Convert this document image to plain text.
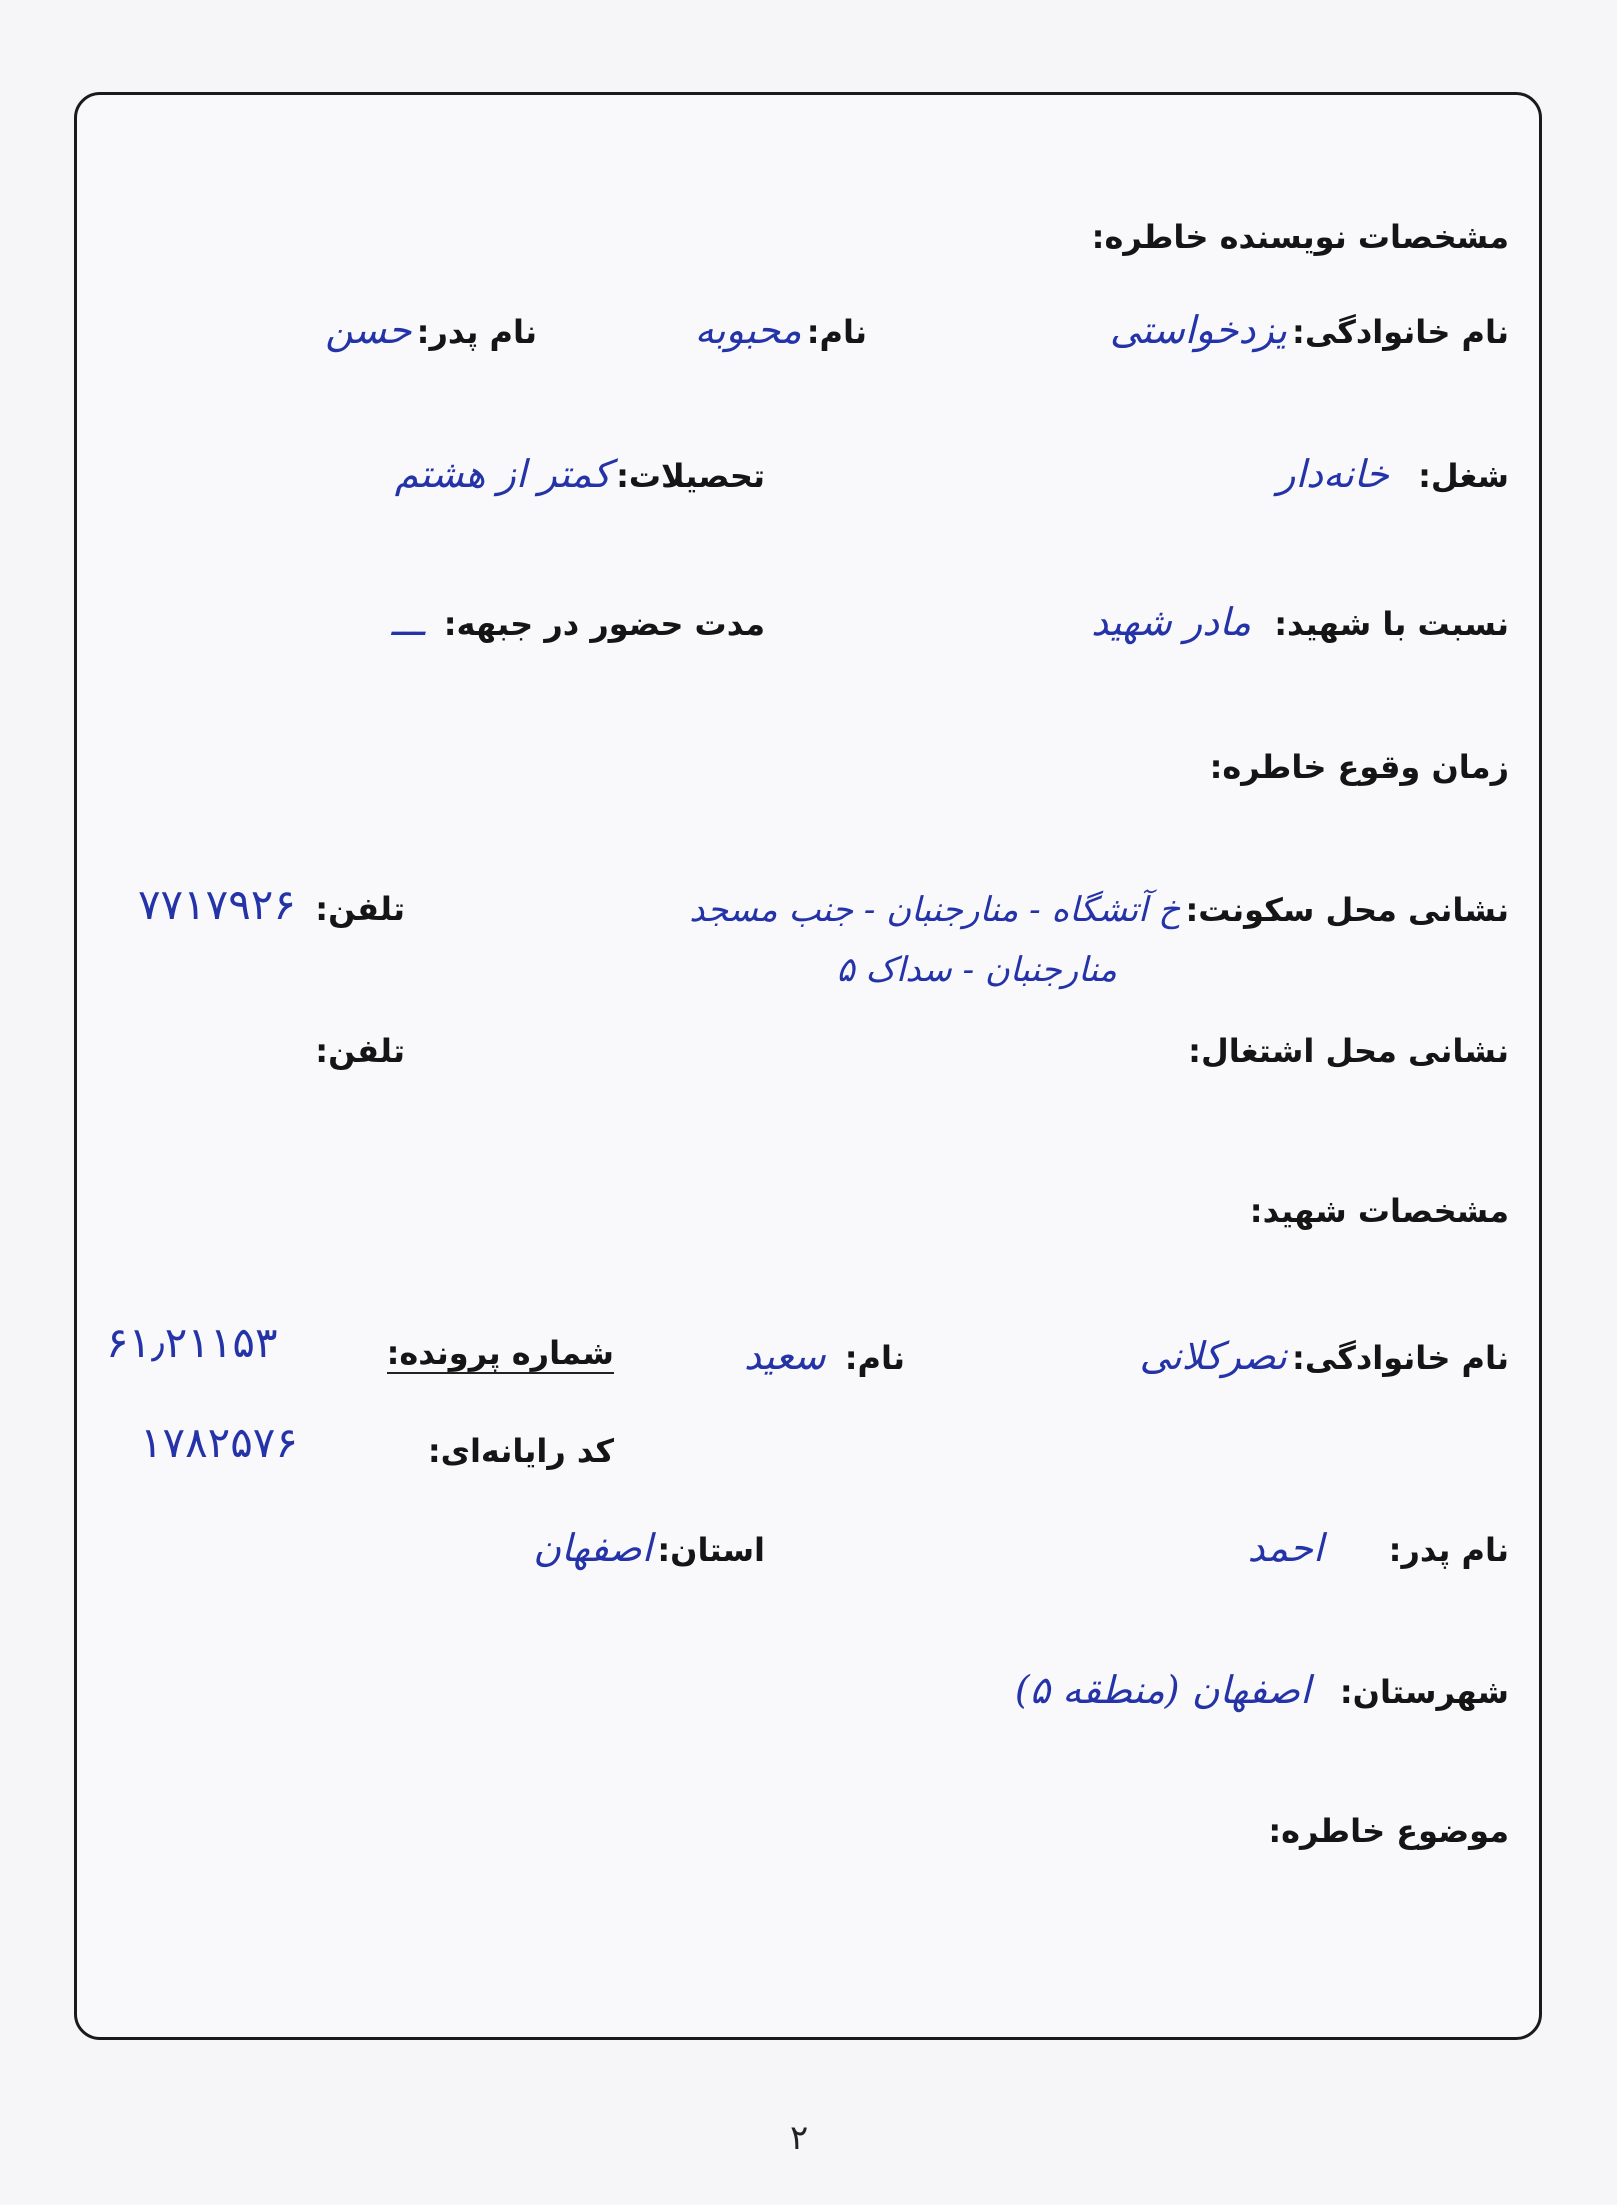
مشخصات نویسنده خاطره:
نام خانوادگی: یزدخواستی
نام: محبوبه
نام پدر: حسن
شغل: خانه‌دار
تحصیلات: کمتر از هشتم
نسبت با شهید: مادر شهید
مدت حضور در جبهه: ـــ
زمان وقوع خاطره:
نشانی محل سکونت: خ آتشگاه - منارجنبان - جنب مسجد
تلفن:
۷۷۱۷۹۲۶
منارجنبان - سداک ۵
نشانی محل اشتغال:
تلفن:
مشخصات شهید:
نام خانوادگی: نصرکلانی
نام: سعید
شماره پرونده:
۶۱٫۲۱۱۵۳
کد رایانه‌ای:
۱۷۸۲۵۷۶
نام پدر: احمد
استان: اصفهان
شهرستان: اصفهان (منطقه ۵)
موضوع خاطره:
۲
